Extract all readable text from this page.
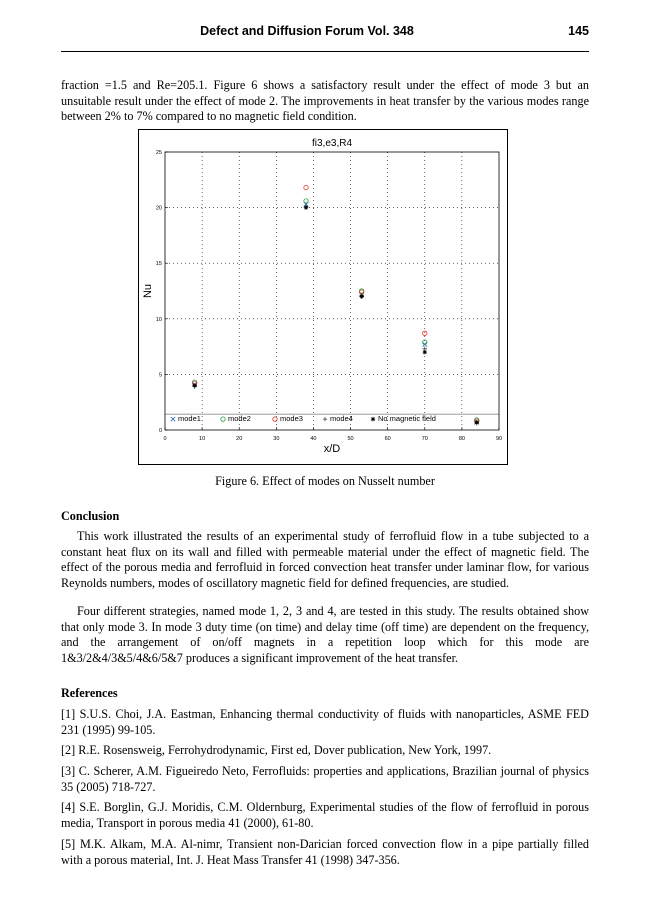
Defect and Diffusion Forum Vol. 348	145

fraction =1.5 and Re=205.1. Figure 6 shows a satisfactory result under the effect of mode 3 but an unsuitable result under the effect of mode 2. The improvements in heat transfer by the various modes range between 2% to 7% compared to no magnetic field condition.

0	10	20	30	40	50	60	70	80	90
0
5
10
15
20
25
fi3,e3,R4
x/D
Nu
mode1	mode2	mode3	mode4	No magnetic field
Figure 6. Effect of modes on Nusselt number
Conclusion

This work illustrated the results of an experimental study of ferrofluid flow in a tube subjected to a constant heat flux on its wall and filled with permeable material under the effect of magnetic field. The effect of the porous media and ferrofluid in forced convection heat transfer under laminar flow, for various Reynolds numbers, modes of oscillatory magnetic field for defined frequencies, are studied.

Four different strategies, named mode 1, 2, 3 and 4, are tested in this study. The results obtained show that only mode 3. In mode 3 duty time (on time) and delay time (off time) are dependent on the frequency, and the arrangement of on/off magnets in a repetition loop which for this mode are 1&3/2&4/3&5/4&6/5&7 produces a significant improvement of the heat transfer.

References

[1] S.U.S. Choi, J.A. Eastman, Enhancing thermal conductivity of fluids with nanoparticles, ASME FED 231 (1995) 99-105.

[2] R.E. Rosensweig, Ferrohydrodynamic, First ed, Dover publication, New York, 1997.

[3] C. Scherer, A.M. Figueiredo Neto, Ferrofluids: properties and applications, Brazilian journal of physics 35 (2005) 718-727.

[4] S.E. Borglin, G.J. Moridis, C.M. Oldernburg, Experimental studies of the flow of ferrofluid in porous media, Transport in porous media 41 (2000), 61-80.

[5] M.K. Alkam, M.A. Al-nimr, Transient non-Darician forced convection flow in a pipe partially filled with a porous material, Int. J. Heat Mass Transfer 41 (1998) 347-356.
